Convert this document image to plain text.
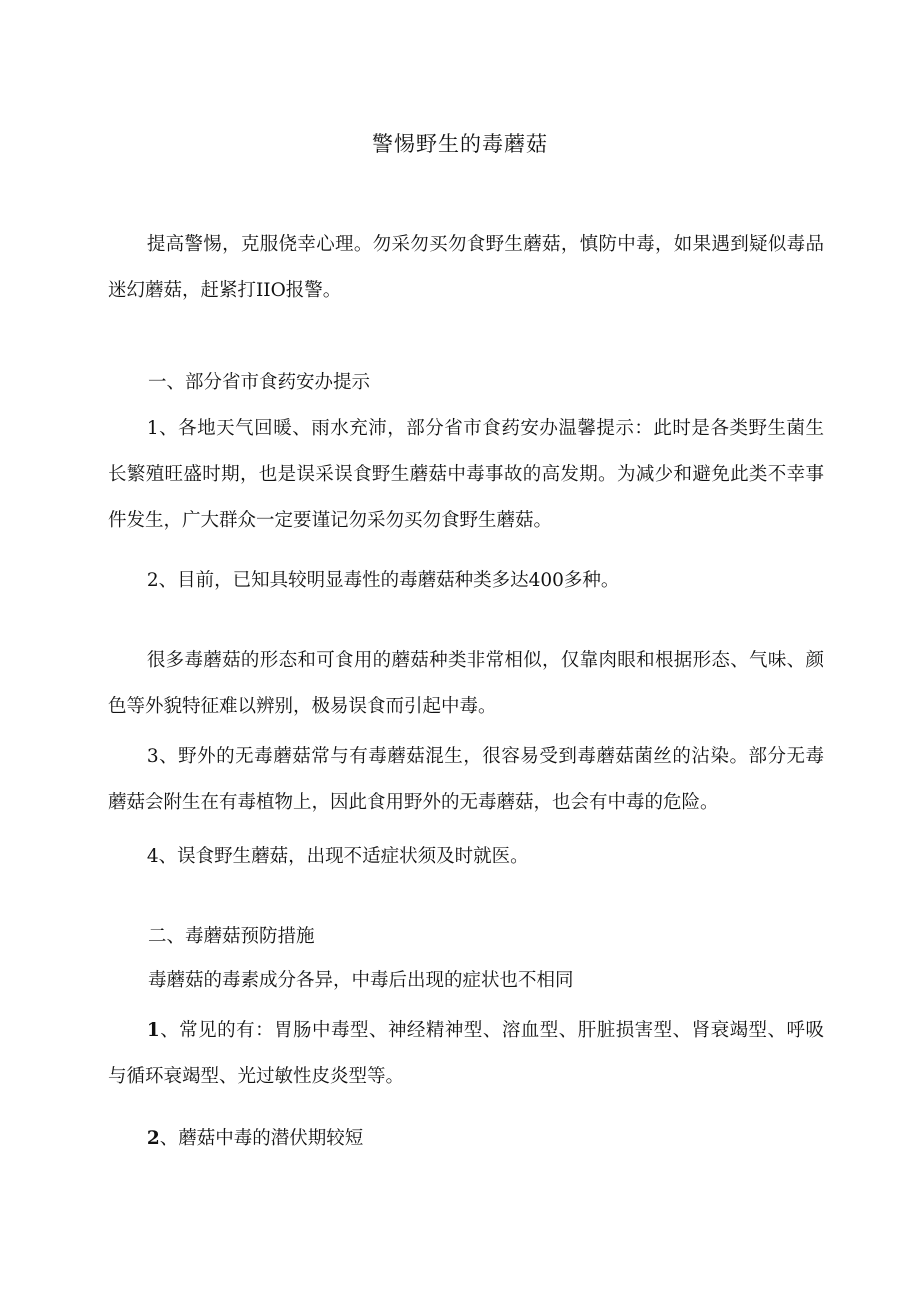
警惕野生的毒蘑菇

提高警惕，克服侥幸心理。勿采勿买勿食野生蘑菇，慎防中毒，如果遇到疑似毒品迷幻蘑菇，赶紧打IIO报警。

一、部分省市食药安办提示

1、各地天气回暖、雨水充沛，部分省市食药安办温馨提示：此时是各类野生菌生长繁殖旺盛时期，也是误采误食野生蘑菇中毒事故的高发期。为减少和避免此类不幸事件发生，广大群众一定要谨记勿采勿买勿食野生蘑菇。

2、目前，已知具较明显毒性的毒蘑菇种类多达400多种。

很多毒蘑菇的形态和可食用的蘑菇种类非常相似，仅靠肉眼和根据形态、气味、颜色等外貌特征难以辨别，极易误食而引起中毒。

3、野外的无毒蘑菇常与有毒蘑菇混生，很容易受到毒蘑菇菌丝的沾染。部分无毒蘑菇会附生在有毒植物上，因此食用野外的无毒蘑菇，也会有中毒的危险。

4、误食野生蘑菇，出现不适症状须及时就医。

二、毒蘑菇预防措施

毒蘑菇的毒素成分各异，中毒后出现的症状也不相同

1、常见的有：胃肠中毒型、神经精神型、溶血型、肝脏损害型、肾衰竭型、呼吸与循环衰竭型、光过敏性皮炎型等。

2、蘑菇中毒的潜伏期较短
